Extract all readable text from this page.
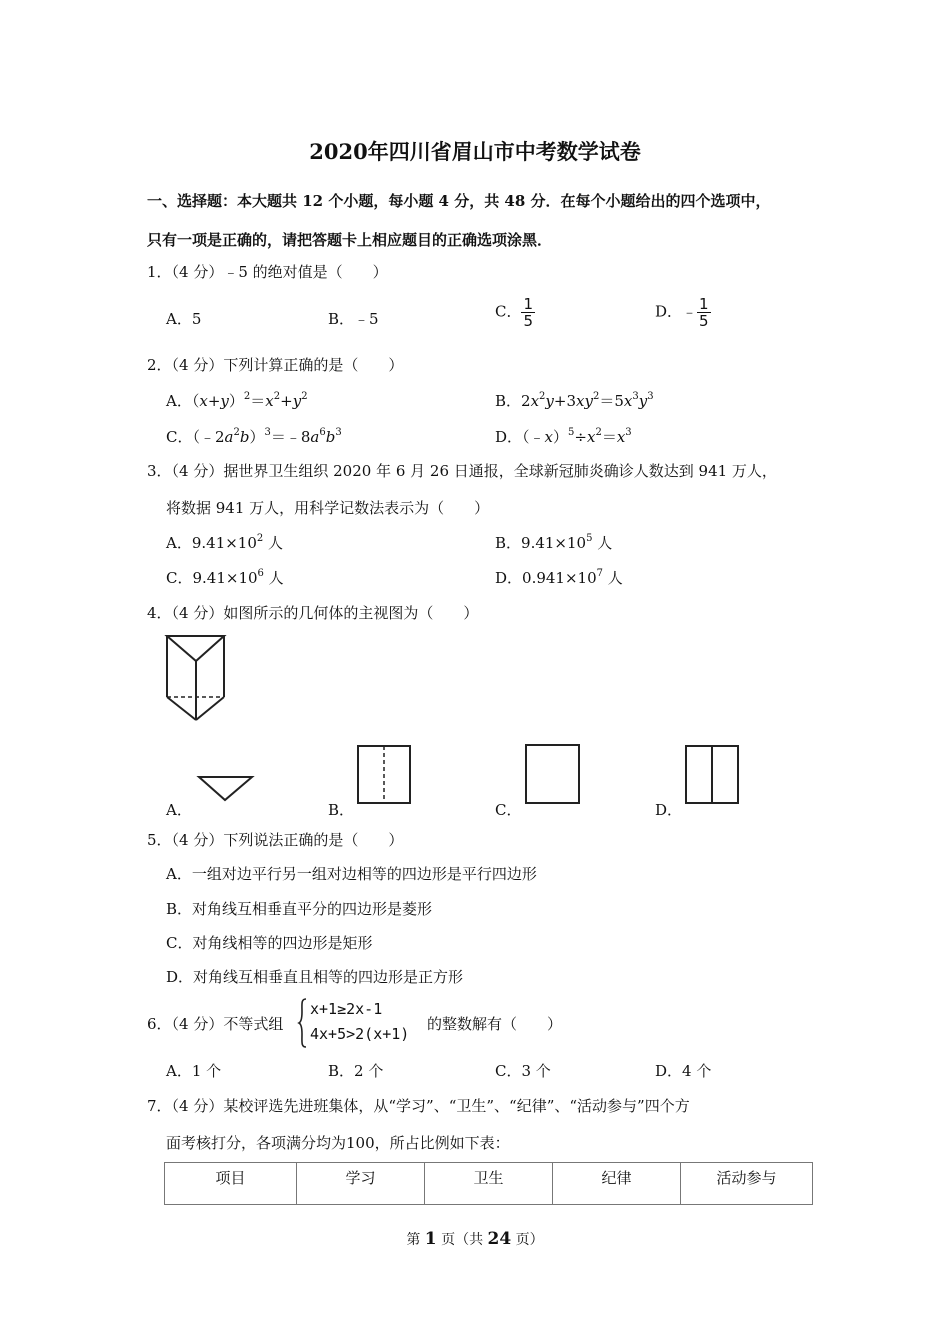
2020年四川省眉山市中考数学试卷
一、选择题：本大题共 12 个小题，每小题 4 分，共 48 分．在每个小题给出的四个选项中，
只有一项是正确的，请把答题卡上相应题目的正确选项涂黑．
1．（4 分）﹣5 的绝对值是（　　）
A．5	B．﹣5	C． $\frac{1}{5}$	D．﹣ $\frac{1}{5}$
2．（4 分）下列计算正确的是（　　）
A．$(x+y)^2=x^2+y^2$	B．$2x^2y+3xy^2=5x^3y^3$
C．$(﹣2a^2b)^3=﹣8a^6b^3$	D．$(﹣x)^5\div x^2=x^3$
3．（4 分）据世界卫生组织 2020 年 6 月 26 日通报，全球新冠肺炎确诊人数达到 941 万人，
将数据 941 万人，用科学记数法表示为（　　）
A．$9.41\times 10^2$ 人	B．$9.41\times 10^5$ 人
C．$9.41\times 10^6$ 人	D．$0.941\times 10^7$ 人
4．（4 分）如图所示的几何体的主视图为（　　）
A．	B．	C．	D．
5．（4 分）下列说法正确的是（　　）
A．一组对边平行另一组对边相等的四边形是平行四边形
B．对角线互相垂直平分的四边形是菱形
C．对角线相等的四边形是矩形
D．对角线互相垂直且相等的四边形是正方形
6．（4 分）不等式组
x+1≥2x-1
4x+5>2(x+1)
的整数解有（　　）
A．1 个	B．2 个	C．3 个	D．4 个
7．（4 分）某校评选先进班集体，从“学习”、“卫生”、“纪律”、“活动参与”四个方
面考核打分，各项满分均为100，所占比例如下表：
项目	学习	卫生	纪律	活动参与
第 1 页（共 24 页）
